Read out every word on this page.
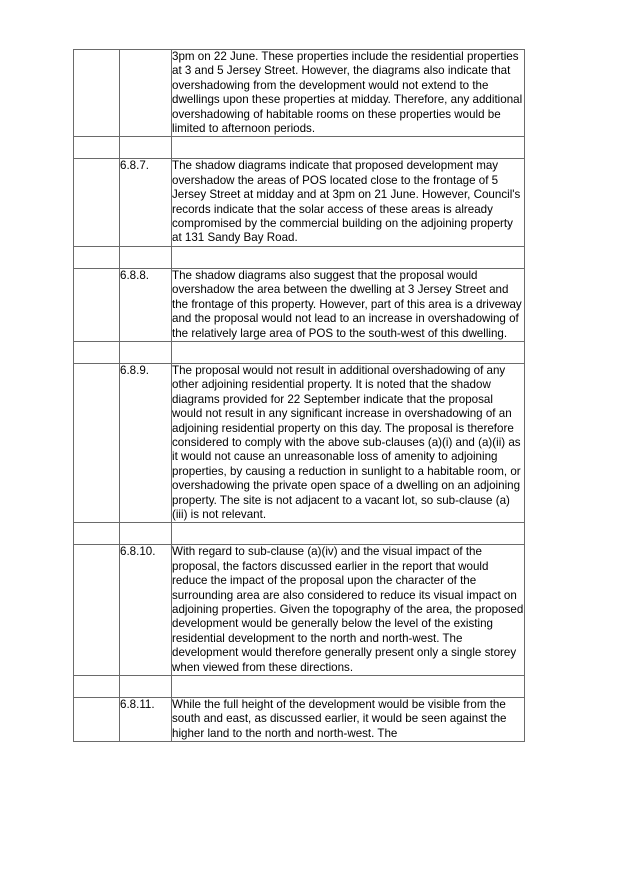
		3pm on 22 June. These properties include the residential properties at 3 and 5 Jersey Street. However, the diagrams also indicate that overshadowing from the development would not extend to the dwellings upon these properties at midday. Therefore, any additional overshadowing of habitable rooms on these properties would be limited to afternoon periods.

	6.8.7.	The shadow diagrams indicate that proposed development may overshadow the areas of POS located close to the frontage of 5 Jersey Street at midday and at 3pm on 21 June. However, Council's records indicate that the solar access of these areas is already compromised by the commercial building on the adjoining property at 131 Sandy Bay Road.

	6.8.8.	The shadow diagrams also suggest that the proposal would overshadow the area between the dwelling at 3 Jersey Street and the frontage of this property. However, part of this area is a driveway and the proposal would not lead to an increase in overshadowing of the relatively large area of POS to the south-west of this dwelling.

	6.8.9.	The proposal would not result in additional overshadowing of any other adjoining residential property. It is noted that the shadow diagrams provided for 22 September indicate that the proposal would not result in any significant increase in overshadowing of an adjoining residential property on this day. The proposal is therefore considered to comply with the above sub-clauses (a)(i) and (a)(ii) as it would not cause an unreasonable loss of amenity to adjoining properties, by causing a reduction in sunlight to a habitable room, or overshadowing the private open space of a dwelling on an adjoining property. The site is not adjacent to a vacant lot, so sub-clause (a)(iii) is not relevant.

	6.8.10.	With regard to sub-clause (a)(iv) and the visual impact of the proposal, the factors discussed earlier in the report that would reduce the impact of the proposal upon the character of the surrounding area are also considered to reduce its visual impact on adjoining properties. Given the topography of the area, the proposed development would be generally below the level of the existing residential development to the north and north-west. The development would therefore generally present only a single storey when viewed from these directions.

	6.8.11.	While the full height of the development would be visible from the south and east, as discussed earlier, it would be seen against the higher land to the north and north-west. The
